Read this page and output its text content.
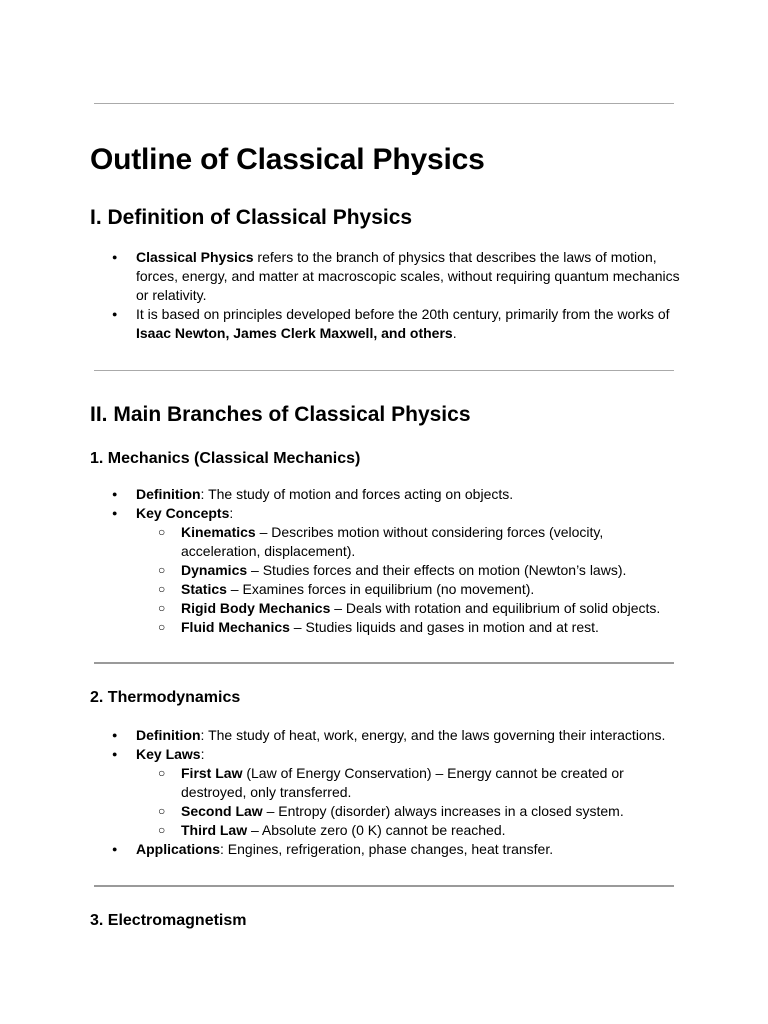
Outline of Classical Physics
I. Definition of Classical Physics
● Classical Physics refers to the branch of physics that describes the laws of motion, forces, energy, and matter at macroscopic scales, without requiring quantum mechanics or relativity.
● It is based on principles developed before the 20th century, primarily from the works of Isaac Newton, James Clerk Maxwell, and others.
II. Main Branches of Classical Physics
1. Mechanics (Classical Mechanics)
● Definition: The study of motion and forces acting on objects.
● Key Concepts:
○ Kinematics – Describes motion without considering forces (velocity, acceleration, displacement).
○ Dynamics – Studies forces and their effects on motion (Newton’s laws).
○ Statics – Examines forces in equilibrium (no movement).
○ Rigid Body Mechanics – Deals with rotation and equilibrium of solid objects.
○ Fluid Mechanics – Studies liquids and gases in motion and at rest.
2. Thermodynamics
● Definition: The study of heat, work, energy, and the laws governing their interactions.
● Key Laws:
○ First Law (Law of Energy Conservation) – Energy cannot be created or destroyed, only transferred.
○ Second Law – Entropy (disorder) always increases in a closed system.
○ Third Law – Absolute zero (0 K) cannot be reached.
● Applications: Engines, refrigeration, phase changes, heat transfer.
3. Electromagnetism
